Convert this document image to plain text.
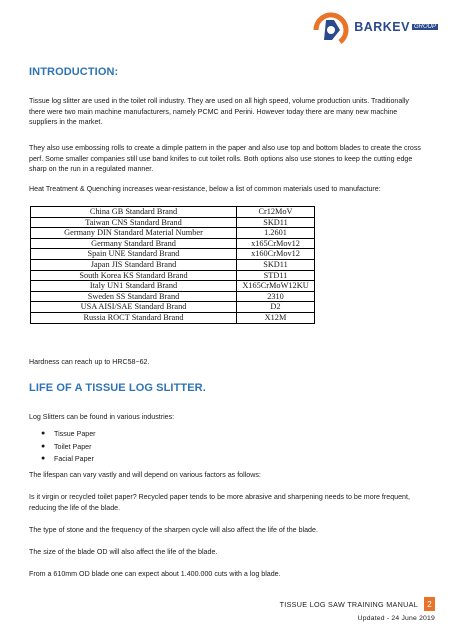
BARKEV GROUP
INTRODUCTION:

Tissue log slitter are used in the toilet roll industry. They are used on all high speed, volume production units. Traditionally there were two main machine manufacturers, namely PCMC and Perini. However today there are many new machine suppliers in the market.

They also use embossing rolls to create a dimple pattern in the paper and also use top and bottom blades to create the cross perf. Some smaller companies still use band knifes to cut toilet rolls. Both options also use stones to keep the cutting edge sharp on the run in a regulated manner.

Heat Treatment & Quenching increases wear-resistance, below a list of common materials used to manufacture:

China GB Standard Brand	Cr12MoV
Taiwan CNS Standard Brand	SKD11
Germany DIN Standard Material Number	1.2601
Germany Standard Brand	x165CrMov12
Spain UNE Standard Brand	x160CrMov12
Japan JIS Standard Brand	SKD11
South Korea KS Standard Brand	STD11
Italy UN1 Standard Brand	X165CrMoW12KU
Sweden SS Standard Brand	2310
USA AISI/SAE Standard Brand	D2
Russia ROCT Standard Brand	X12M

Hardness can reach up to HRC58~62.

LIFE OF A TISSUE LOG SLITTER.

Log Slitters can be found in various industries:

● Tissue Paper
● Toilet Paper
● Facial Paper

The lifespan can vary vastly and will depend on various factors as follows:

Is it virgin or recycled toilet paper? Recycled paper tends to be more abrasive and sharpening needs to be more frequent, reducing the life of the blade.

The type of stone and the frequency of the sharpen cycle will also affect the life of the blade.

The size of the blade OD will also affect the life of the blade.

From a 610mm OD blade one can expect about 1.400.000 cuts with a log blade.

TISSUE LOG SAW TRAINING MANUAL	2
Updated - 24 June 2019
